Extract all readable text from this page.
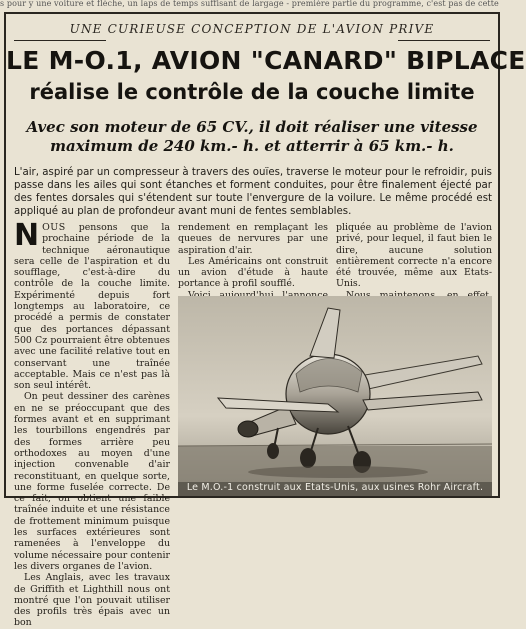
s pour y une voiture et flèche, un laps de temps suffisant de largage - première partie du programme, c'est pas de cette
UNE CURIEUSE CONCEPTION DE L'AVION PRIVE
LE M-O.1, AVION "CANARD" BIPLACE
réalise le contrôle de la couche limite
Avec son moteur de 65 CV., il doit réaliser une vitesse
maximum de 240 km.- h. et atterrir à 65 km.- h.
L'air, aspiré par un compresseur à travers des ouïes, traverse le moteur pour le refroidir, puis passe dans les ailes qui sont étanches et forment conduites, pour être finalement éjecté par des fentes dorsales qui s'étendent sur toute l'envergure de la voilure. Le même procédé est appliqué au plan de profondeur avant muni de fentes semblables.

NOUS pensons que la prochaine période de la technique aéronautique sera celle de l'aspiration et du soufflage, c'est-à-dire du contrôle de la couche limite. Expérimenté depuis fort longtemps au laboratoire, ce procédé a permis de constater que des portances dépassant 500 Cz pourraient être obtenues avec une facilité relative tout en conservant une traînée acceptable. Mais ce n'est pas là son seul intérêt.

On peut dessiner des carènes en ne se préoccupant que des formes avant et en supprimant les tourbillons engendrés par des formes arrière peu orthodoxes au moyen d'une injection convenable d'air reconstituant, en quelque sorte, une forme fuselée correcte. De ce fait, on obtient une faible traînée induite et une résistance de frottement minimum puisque les surfaces extérieures sont ramenées à l'enveloppe du volume nécessaire pour contenir les divers organes de l'avion.

Les Anglais, avec les travaux de Griffith et Lighthill nous ont montré que l'on pouvait utiliser des profils très épais avec un bon

rendement en remplaçant les queues de nervures par une aspiration d'air.

Les Américains ont construit un avion d'étude à haute portance à profil soufflé.

pliquée au problème de l'avion privé, pour lequel, il faut bien le dire, aucune solution entièrement correcte n'a encore été trouvée, même aux Etats-Unis.

Le M.O.-1 construit aux Etats-Unis, aux usines Rohr Aircraft.
